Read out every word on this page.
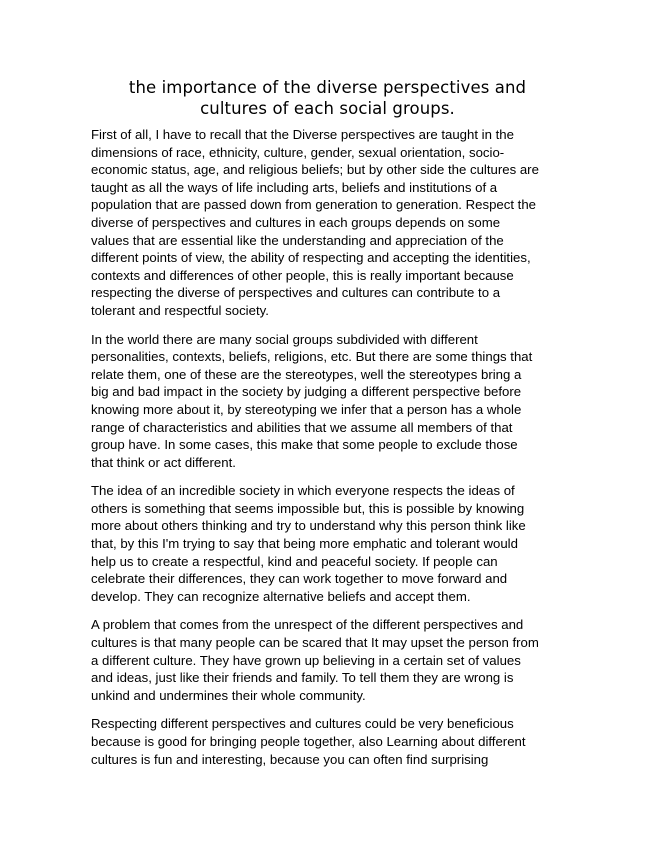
the importance of the diverse perspectives and
cultures of each social groups.

First of all, I have to recall that the Diverse perspectives are taught in the
dimensions of race, ethnicity, culture, gender, sexual orientation, socio-
economic status, age, and religious beliefs; but by other side the cultures are
taught as all the ways of life including arts, beliefs and institutions of a
population that are passed down from generation to generation. Respect the
diverse of perspectives and cultures in each groups depends on some
values that are essential like the understanding and appreciation of the
different points of view, the ability of respecting and accepting the identities,
contexts and differences of other people, this is really important because
respecting the diverse of perspectives and cultures can contribute to a
tolerant and respectful society.

In the world there are many social groups subdivided with different
personalities, contexts, beliefs, religions, etc. But there are some things that
relate them, one of these are the stereotypes, well the stereotypes bring a
big and bad impact in the society by judging a different perspective before
knowing more about it, by stereotyping we infer that a person has a whole
range of characteristics and abilities that we assume all members of that
group have. In some cases, this make that some people to exclude those
that think or act different.

The idea of an incredible society in which everyone respects the ideas of
others is something that seems impossible but, this is possible by knowing
more about others thinking and try to understand why this person think like
that, by this I'm trying to say that being more emphatic and tolerant would
help us to create a respectful, kind and peaceful society. If people can
celebrate their differences, they can work together to move forward and
develop. They can recognize alternative beliefs and accept them.

A problem that comes from the unrespect of the different perspectives and
cultures is that many people can be scared that It may upset the person from
a different culture. They have grown up believing in a certain set of values
and ideas, just like their friends and family. To tell them they are wrong is
unkind and undermines their whole community.

Respecting different perspectives and cultures could be very beneficious
because is good for bringing people together, also Learning about different
cultures is fun and interesting, because you can often find surprising
